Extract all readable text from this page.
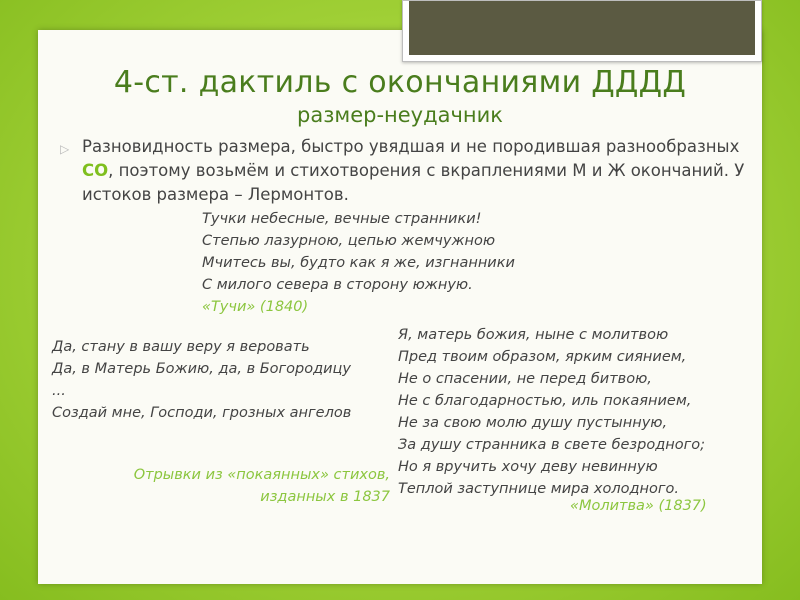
4-ст. дактиль с окончаниями ДДДД
размер-неудачник
▷ Разновидность размера, быстро увядшая и не породившая разнообразных СО, поэтому возьмём и стихотворения с вкраплениями М и Ж окончаний. У истоков размера – Лермонтов.
Тучки небесные, вечные странники!
Степью лазурною, цепью жемчужною
Мчитесь вы, будто как я же, изгнанники
С милого севера в сторону южную.
«Тучи» (1840)
Да, стану в вашу веру я веровать
Да, в Матерь Божию, да, в Богородицу
...
Создай мне, Господи, грозных ангелов
Отрывки из «покаянных» стихов, изданных в 1837
Я, матерь божия, ныне с молитвою
Пред твоим образом, ярким сиянием,
Не о спасении, не перед битвою,
Не с благодарностью, иль покаянием,
Не за свою молю душу пустынную,
За душу странника в свете безродного;
Но я вручить хочу деву невинную
Теплой заступнице мира холодного.
«Молитва» (1837)
